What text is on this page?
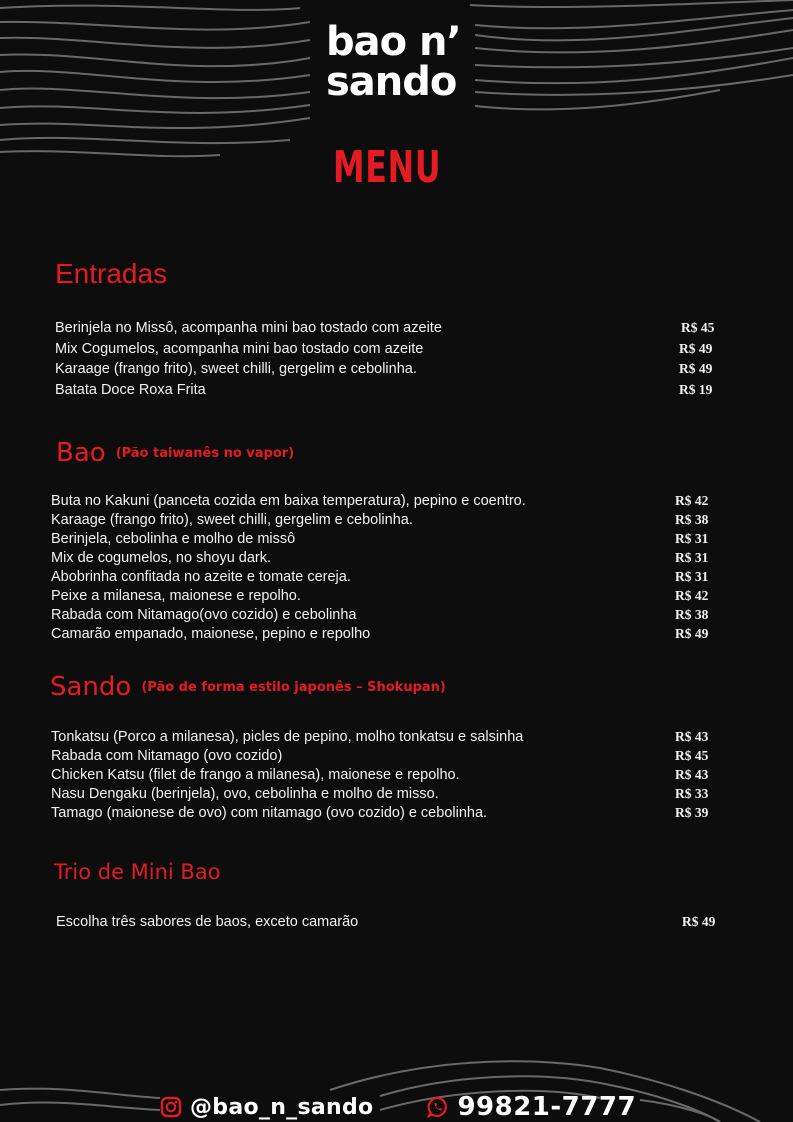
bao n’
sando
MENU
Entradas
Berinjela no Missô, acompanha mini bao tostado com azeite	R$ 45
Mix Cogumelos, acompanha mini bao tostado com azeite	R$ 49
Karaage (frango frito), sweet chilli, gergelim e cebolinha.	R$ 49
Batata Doce Roxa Frita	R$ 19
Bao $^{(Pão taiwanês no vapor)}$
Buta no Kakuni (panceta cozida em baixa temperatura), pepino e coentro.	R$ 42
Karaage (frango frito), sweet chilli, gergelim e cebolinha.	R$ 38
Berinjela, cebolinha e molho de missô	R$ 31
Mix de cogumelos, no shoyu dark.	R$ 31
Abobrinha confitada no azeite e tomate cereja.	R$ 31
Peixe a milanesa, maionese e repolho.	R$ 42
Rabada com Nitamago(ovo cozido) e cebolinha	R$ 38
Camarão empanado, maionese, pepino e repolho	R$ 49
Sando $^{(Pão de forma estilo japonês - Shokupan)}$
Tonkatsu (Porco a milanesa), picles de pepino, molho tonkatsu e salsinha	R$ 43
Rabada com Nitamago (ovo cozido)	R$ 45
Chicken Katsu (filet de frango a milanesa), maionese e repolho.	R$ 43
Nasu Dengaku (berinjela), ovo, cebolinha e molho de misso.	R$ 33
Tamago (maionese de ovo) com nitamago (ovo cozido) e cebolinha.	R$ 39
Trio de Mini Bao
Escolha três sabores de baos, exceto camarão	R$ 49
@bao_n_sando	99821-7777
